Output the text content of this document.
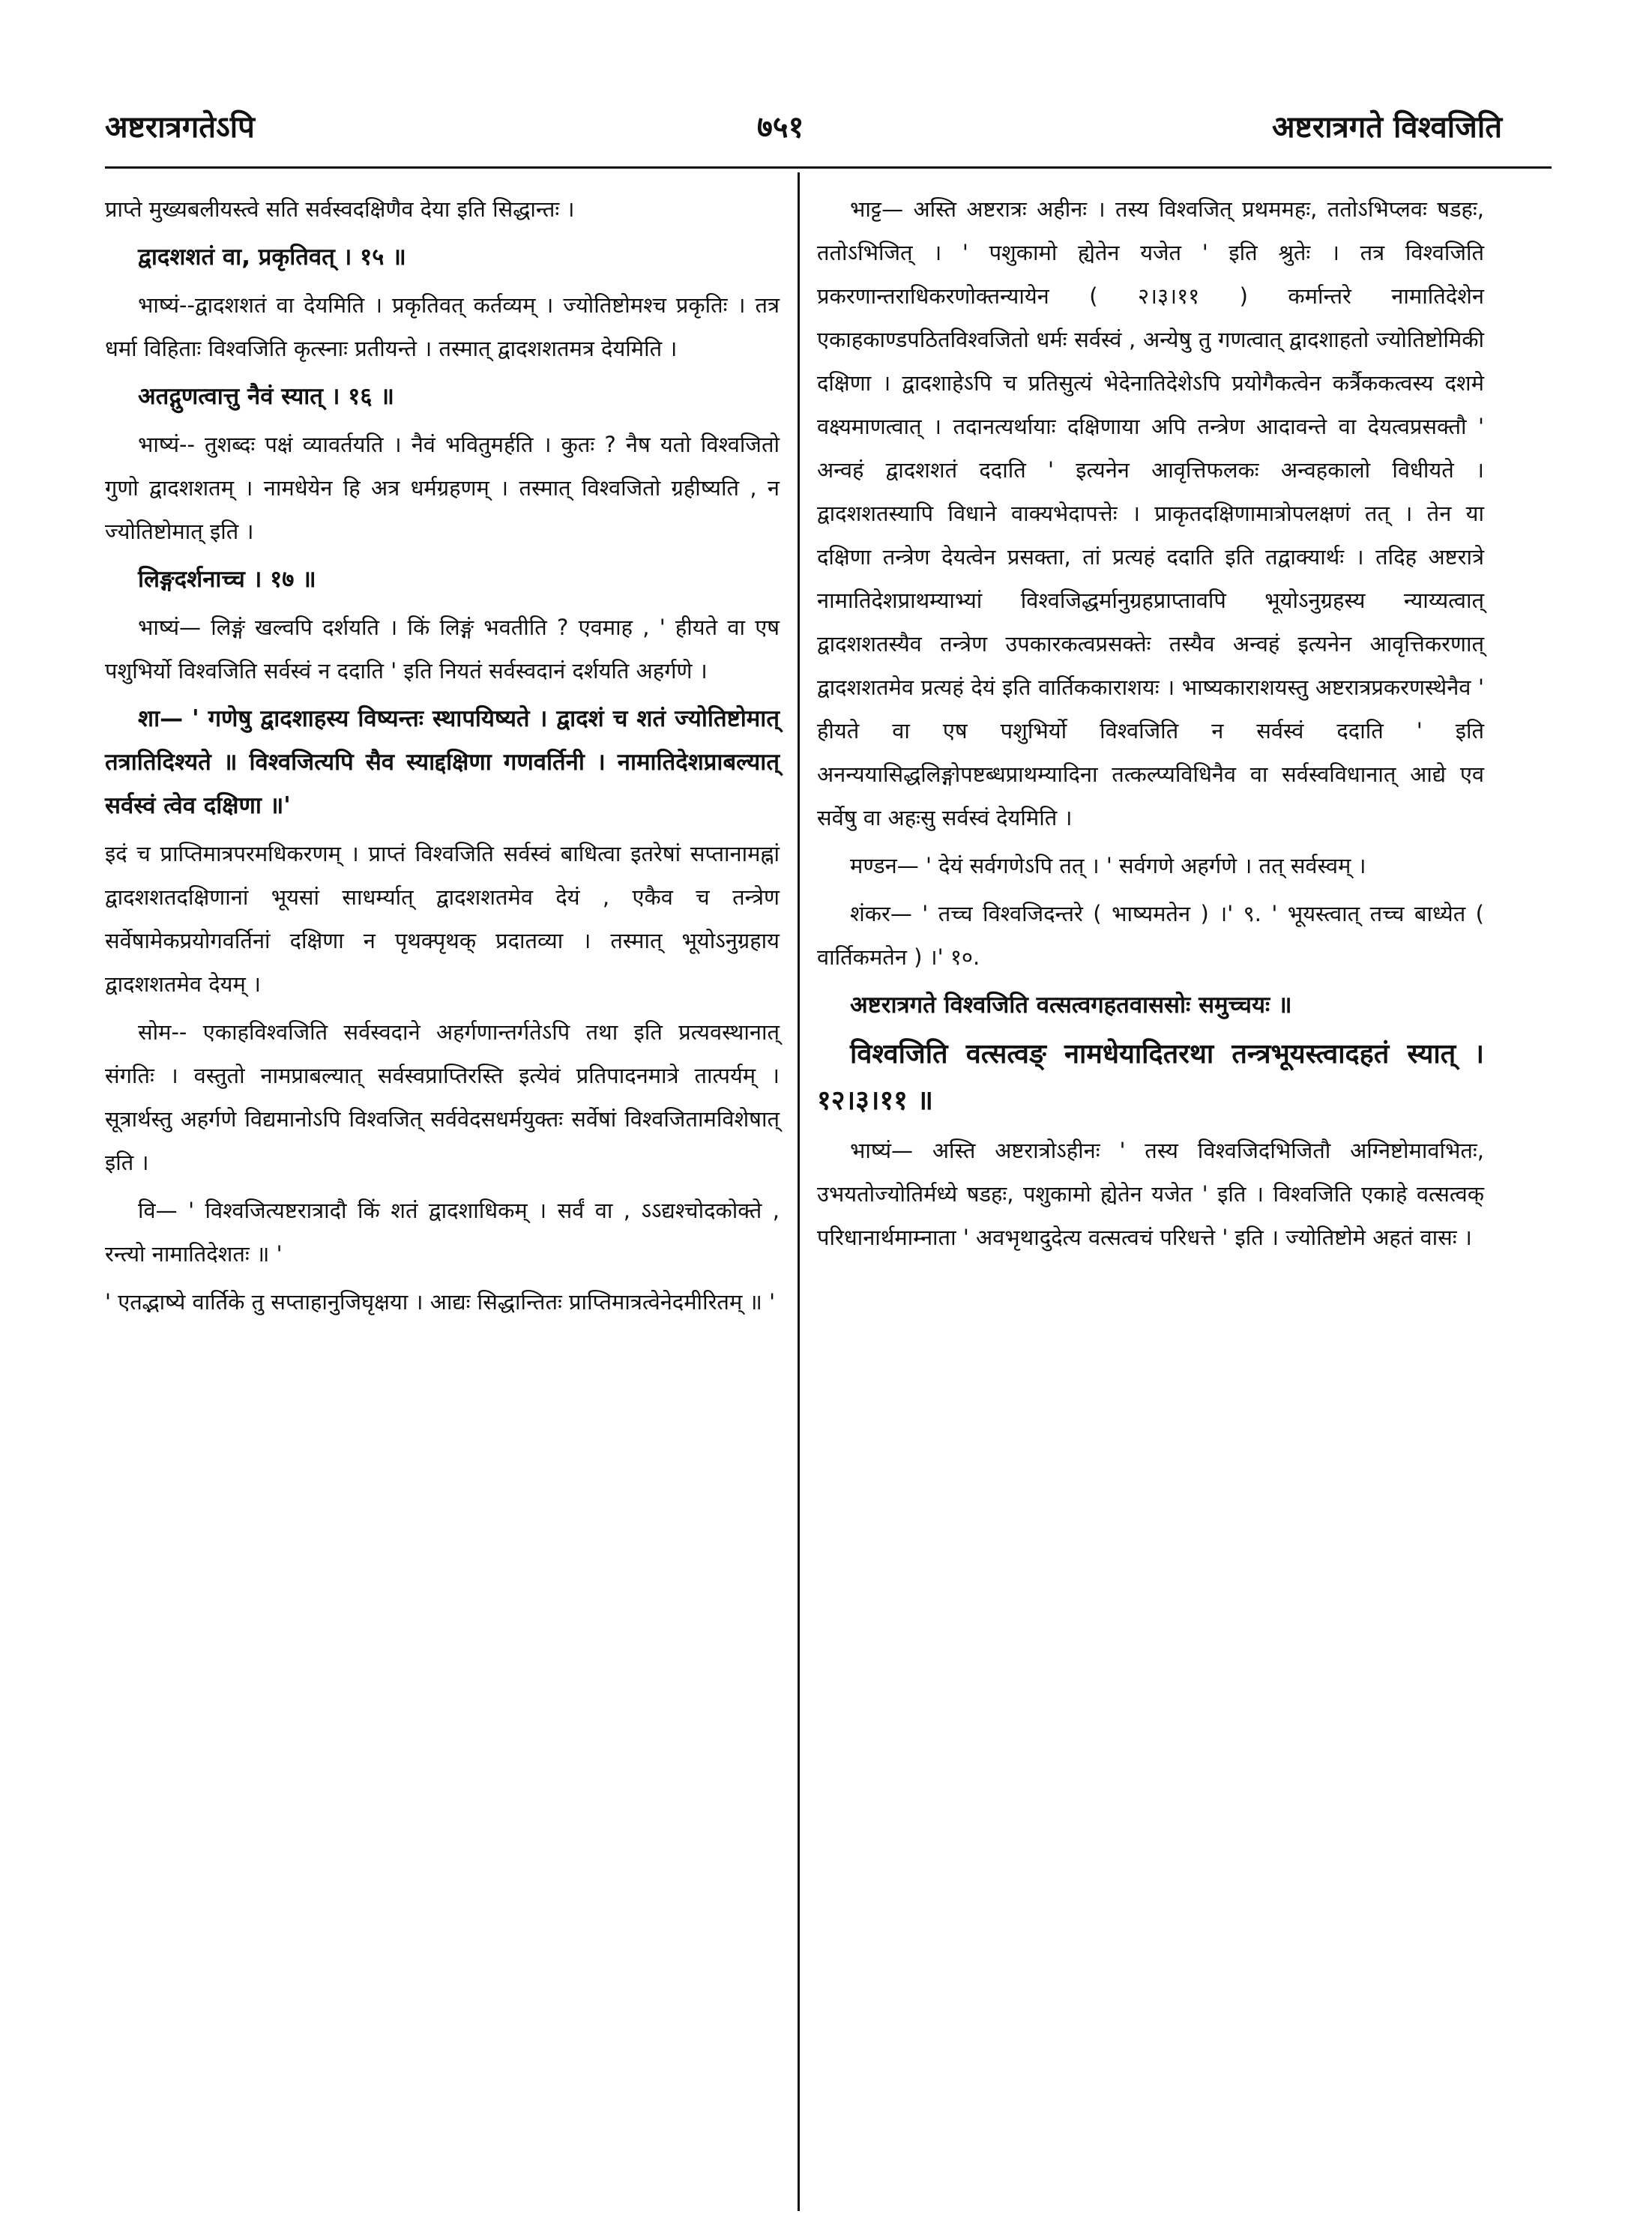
अष्टरात्रगतेऽपि	७५१	अष्टरात्रगते विश्वजिति

प्राप्ते मुख्यबलीयस्त्वे सति सर्वस्वदक्षिणैव देया इति सिद्धान्तः ।

द्वादशशतं वा, प्रकृतिवत् । १५ ॥

भाष्यं--द्वादशशतं वा देयमिति । प्रकृतिवत् कर्तव्यम् । ज्योतिष्टोमश्च प्रकृतिः । तत्र धर्मा विहिताः विश्वजिति कृत्स्नाः प्रतीयन्ते । तस्मात् द्वादशशतमत्र देयमिति ।

अतद्गुणत्वात्तु नैवं स्यात् । १६ ॥

भाष्यं-- तुशब्दः पक्षं व्यावर्तयति । नैवं भवितुमर्हति । कुतः ? नैष यतो विश्वजितो गुणो द्वादशशतम् । नामधेयेन हि अत्र धर्मग्रहणम् । तस्मात् विश्वजितो ग्रहीष्यति , न ज्योतिष्टोमात् इति ।

लिङ्गदर्शनाच्च । १७ ॥

भाष्यं— लिङ्गं खल्वपि दर्शयति । किं लिङ्गं भवतीति ? एवमाह , ' हीयते वा एष पशुभिर्यो विश्वजिति सर्वस्वं न ददाति ' इति नियतं सर्वस्वदानं दर्शयति अहर्गणे ।

शा— ' गणेषु द्वादशाहस्य विष्यन्तः स्थापयिष्यते । द्वादशं च शतं ज्योतिष्टोमात् तत्रातिदिश्यते ॥ विश्वजित्यपि सैव स्याद्दक्षिणा गणवर्तिनी । नामातिदेशप्राबल्यात् सर्वस्वं त्वेव दक्षिणा ॥'

इदं च प्राप्तिमात्रपरमधिकरणम् । प्राप्तं विश्वजिति सर्वस्वं बाधित्वा इतरेषां सप्तानामह्नां द्वादशशतदक्षिणानां भूयसां साधर्म्यात् द्वादशशतमेव देयं , एकैव च तन्त्रेण सर्वेषामेकप्रयोगवर्तिनां दक्षिणा न पृथक्पृथक् प्रदातव्या । तस्मात् भूयोऽनुग्रहाय द्वादशशतमेव देयम् ।

सोम-- एकाहविश्वजिति सर्वस्वदाने अहर्गणान्तर्गतेऽपि तथा इति प्रत्यवस्थानात् संगतिः । वस्तुतो नामप्राबल्यात् सर्वस्वप्राप्तिरस्ति इत्येवं प्रतिपादनमात्रे तात्पर्यम् । सूत्रार्थस्तु अहर्गणे विद्यमानोऽपि विश्वजित् सर्ववेदसधर्मयुक्तः सर्वेषां विश्वजितामविशेषात् इति ।

वि— ' विश्वजित्यष्टरात्रादौ किं शतं द्वादशाधिकम् । सर्वं वा , ऽऽद्यश्चोदकोक्ते , रन्त्यो नामातिदेशतः ॥ '

' एतद्भाष्ये वार्तिके तु सप्ताहानुजिघृक्षया । आद्यः सिद्धान्तितः प्राप्तिमात्रत्वेनेदमीरितम् ॥ '

भाट्ट— अस्ति अष्टरात्रः अहीनः । तस्य विश्वजित् प्रथममहः, ततोऽभिप्लवः षडहः, ततोऽभिजित् । ' पशुकामो ह्येतेन यजेत ' इति श्रुतेः । तत्र विश्वजिति प्रकरणान्तराधिकरणोक्तन्यायेन ( २।३।११ ) कर्मान्तरे नामातिदेशेन एकाहकाण्डपठितविश्वजितो धर्मः सर्वस्वं , अन्येषु तु गणत्वात् द्वादशाहतो ज्योतिष्टोमिकी दक्षिणा । द्वादशाहेऽपि च प्रतिसुत्यं भेदेनातिदेशेऽपि प्रयोगैकत्वेन कर्त्रैककत्वस्य दशमे वक्ष्यमाणत्वात् । तदानत्यर्थायाः दक्षिणाया अपि तन्त्रेण आदावन्ते वा देयत्वप्रसक्तौ ' अन्वहं द्वादशशतं ददाति ' इत्यनेन आवृत्तिफलकः अन्वहकालो विधीयते । द्वादशशतस्यापि विधाने वाक्यभेदापत्तेः । प्राकृतदक्षिणामात्रोपलक्षणं तत् । तेन या दक्षिणा तन्त्रेण देयत्वेन प्रसक्ता, तां प्रत्यहं ददाति इति तद्वाक्यार्थः । तदिह अष्टरात्रे नामातिदेशप्राथम्याभ्यां विश्वजिद्धर्मानुग्रहप्राप्तावपि भूयोऽनुग्रहस्य न्याय्यत्वात् द्वादशशतस्यैव तन्त्रेण उपकारकत्वप्रसक्तेः तस्यैव अन्वहं इत्यनेन आवृत्तिकरणात् द्वादशशतमेव प्रत्यहं देयं इति वार्तिककाराशयः । भाष्यकाराशयस्तु अष्टरात्रप्रकरणस्थेनैव ' हीयते वा एष पशुभिर्यो विश्वजिति न सर्वस्वं ददाति ' इति अनन्ययासिद्धलिङ्गोपष्टब्धप्राथम्यादिना तत्कल्प्यविधिनैव वा सर्वस्वविधानात् आद्ये एव सर्वेषु वा अहःसु सर्वस्वं देयमिति ।

मण्डन— ' देयं सर्वगणेऽपि तत् । ' सर्वगणे अहर्गणे । तत् सर्वस्वम् ।

शंकर— ' तच्च विश्वजिदन्तरे ( भाष्यमतेन ) ।' ९. ' भूयस्त्वात् तच्च बाध्येत ( वार्तिकमतेन ) ।' १०.

अष्टरात्रगते विश्वजिति वत्सत्वगहतवाससोः समुच्चयः ॥

विश्वजिति वत्सत्वङ् नामधेयादितरथा तन्त्रभूयस्त्वादहतं स्यात् । १२।३।११ ॥

भाष्यं— अस्ति अष्टरात्रोऽहीनः ' तस्य विश्वजिदभिजितौ अग्निष्टोमावभितः, उभयतोज्योतिर्मध्ये षडहः, पशुकामो ह्येतेन यजेत ' इति । विश्वजिति एकाहे वत्सत्वक् परिधानार्थमाम्नाता ' अवभृथादुदेत्य वत्सत्वचं परिधत्ते ' इति । ज्योतिष्टोमे अहतं वासः ।
